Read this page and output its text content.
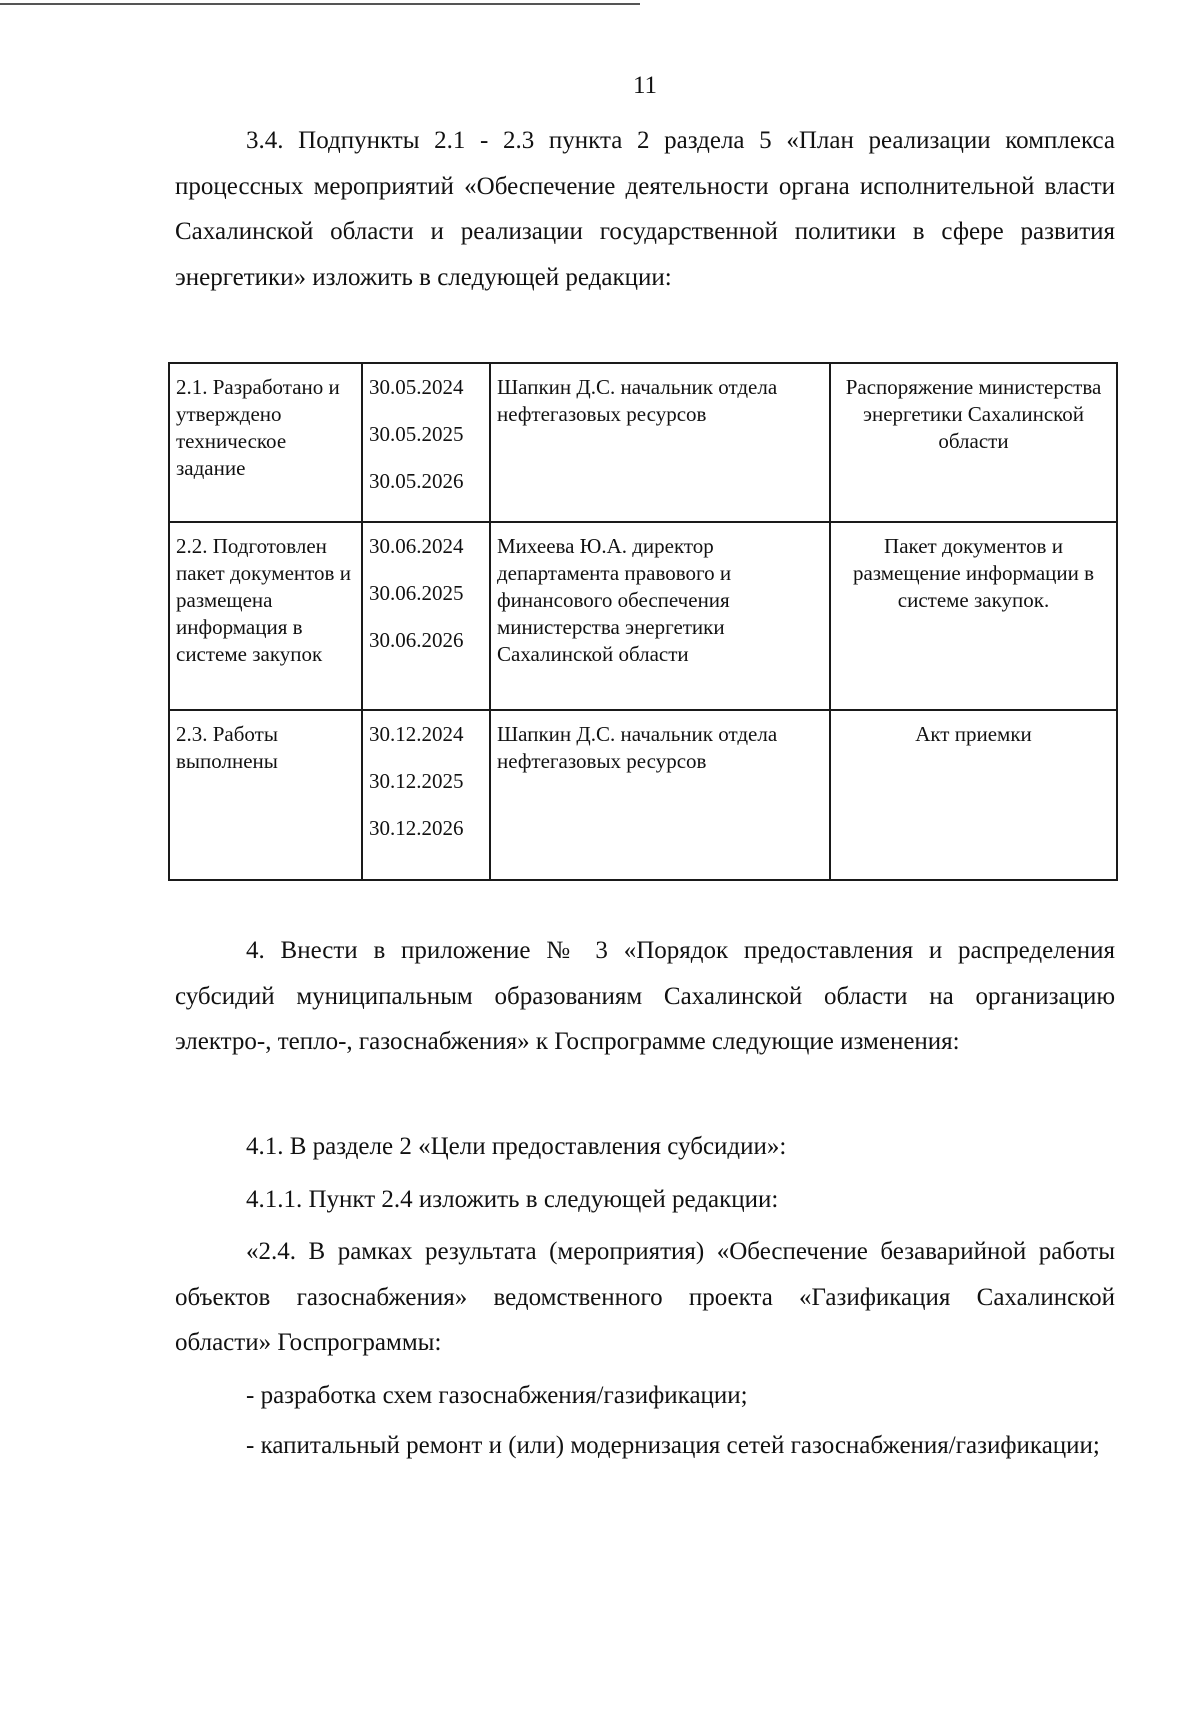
11

3.4. Подпункты 2.1 - 2.3 пункта 2 раздела 5 «План реализации комплекса процессных мероприятий «Обеспечение деятельности органа исполнительной власти Сахалинской области и реализации государственной политики в сфере развития энергетики» изложить в следующей редакции:

2.1. Разработано и утверждено техническое задание	30.05.2024
30.05.2025
30.05.2026	Шапкин Д.С. начальник отдела нефтегазовых ресурсов	Распоряжение министерства энергетики Сахалинской области
2.2. Подготовлен пакет документов и размещена информация в системе закупок	30.06.2024
30.06.2025
30.06.2026	Михеева Ю.А. директор департамента правового и финансового обеспечения министерства энергетики Сахалинской области	Пакет документов и размещение информации в системе закупок.
2.3. Работы выполнены	30.12.2024
30.12.2025
30.12.2026	Шапкин Д.С. начальник отдела нефтегазовых ресурсов	Акт приемки

4. Внести в приложение № 3 «Порядок предоставления и распределения субсидий муниципальным образованиям Сахалинской области на организацию электро-, тепло-, газоснабжения» к Госпрограмме следующие изменения:

4.1. В разделе 2 «Цели предоставления субсидии»:

4.1.1. Пункт 2.4 изложить в следующей редакции:

«2.4. В рамках результата (мероприятия) «Обеспечение безаварийной работы объектов газоснабжения» ведомственного проекта «Газификация Сахалинской области» Госпрограммы:

- разработка схем газоснабжения/газификации;

- капитальный ремонт и (или) модернизация сетей газоснабжения/газификации;
